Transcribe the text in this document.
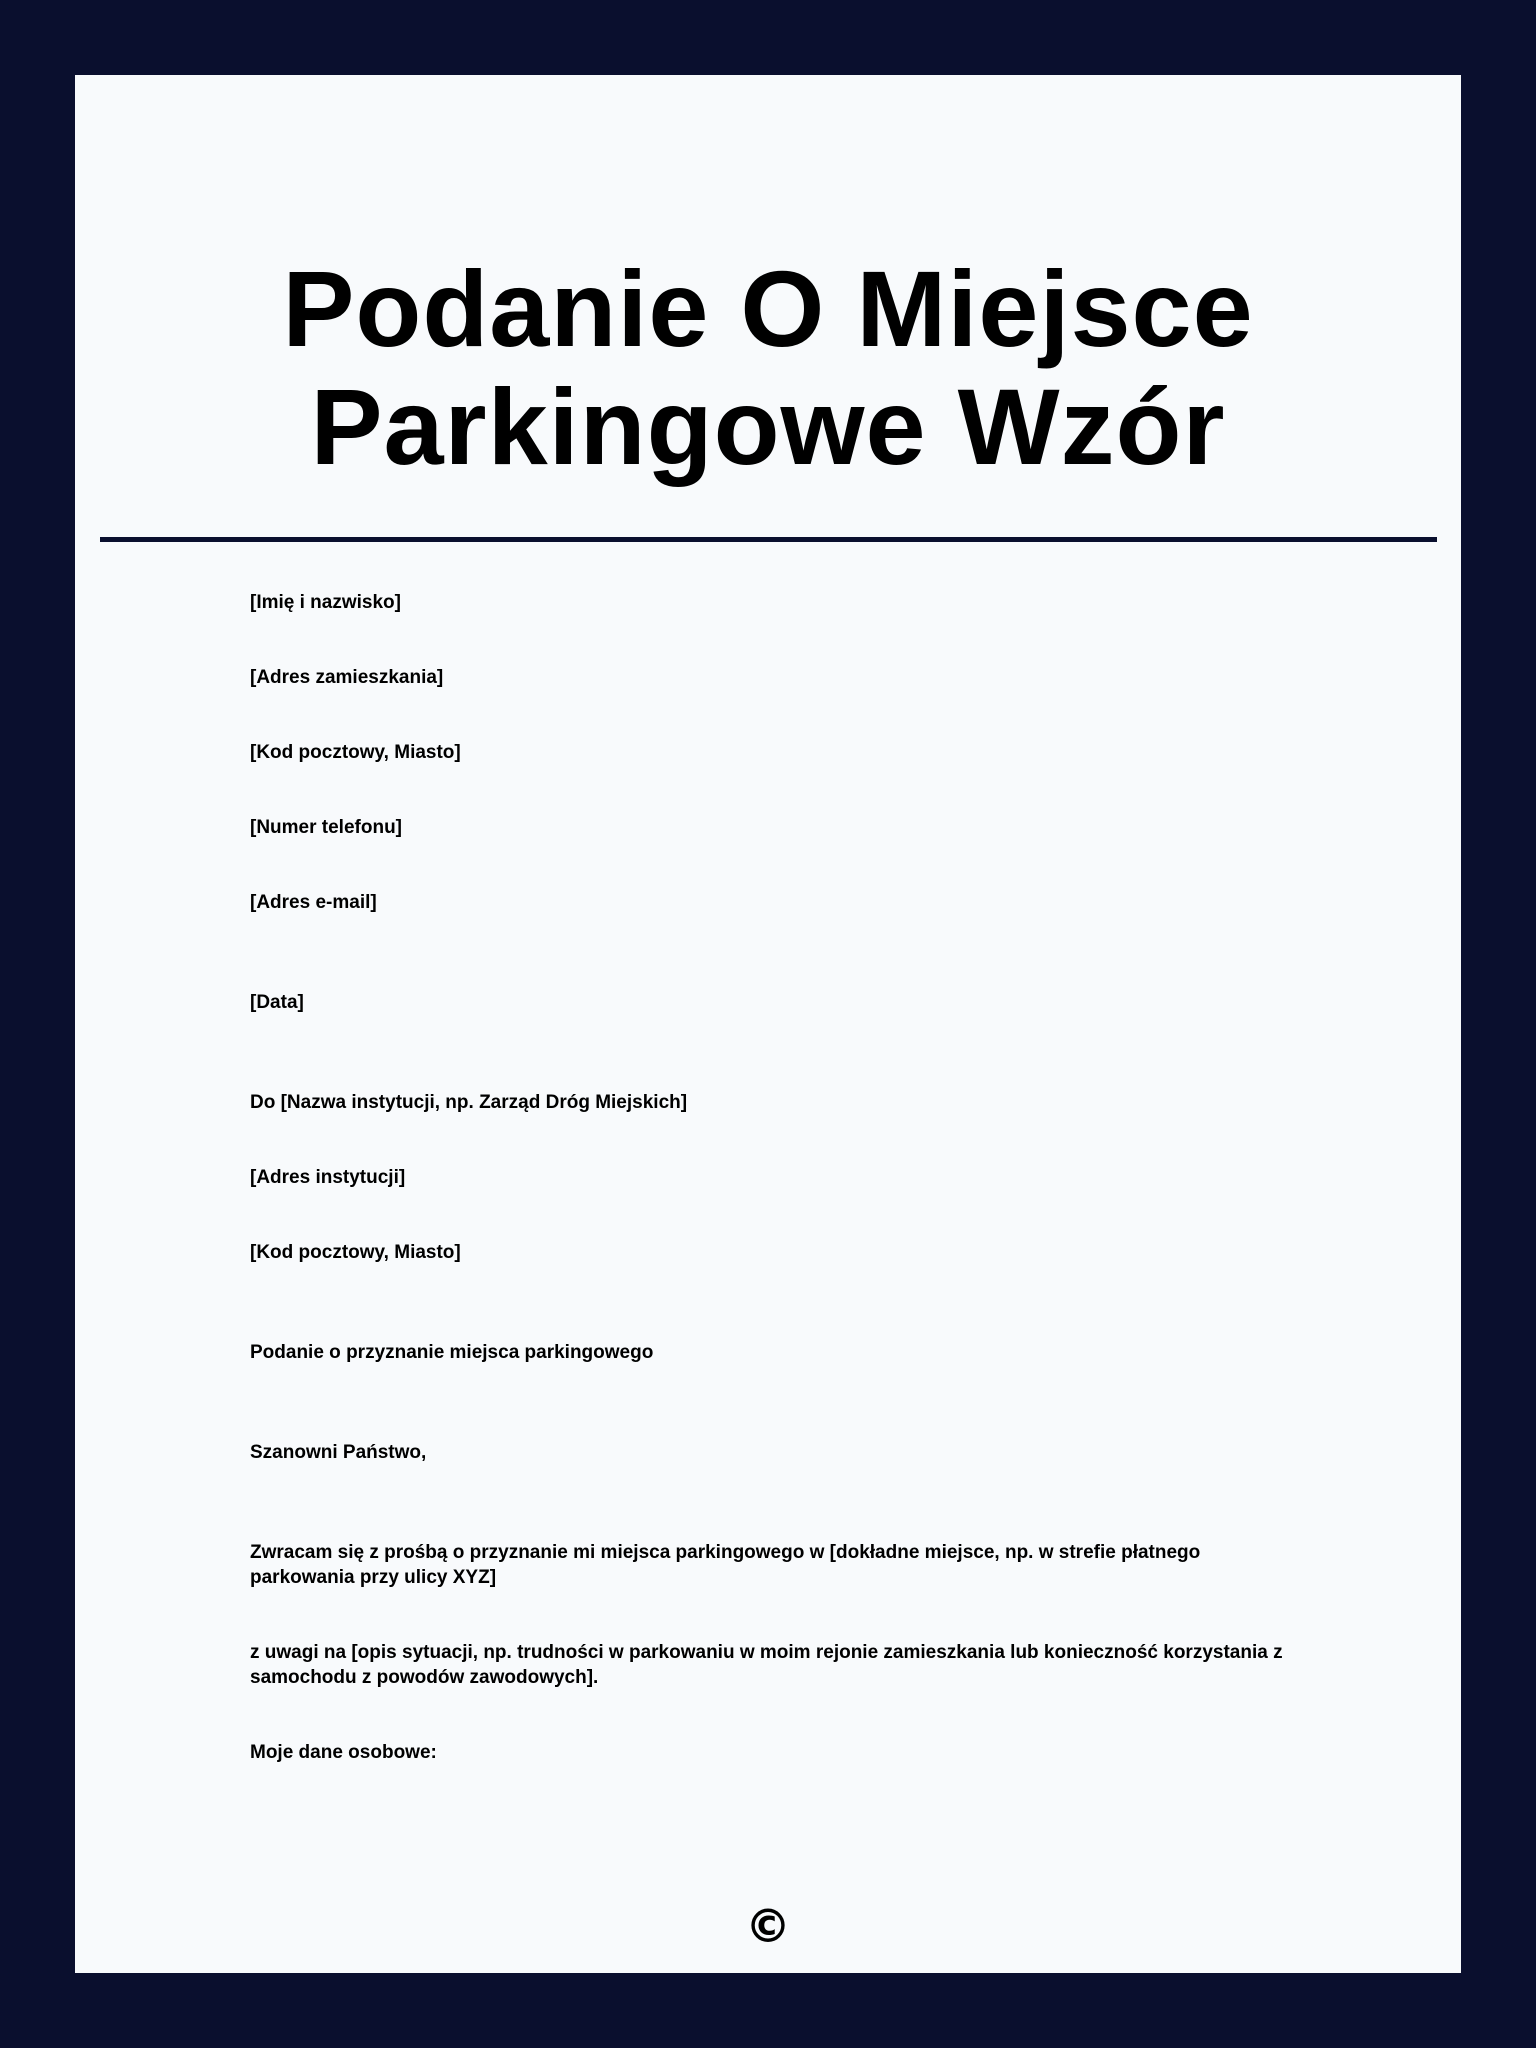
Podanie O Miejsce
Parkingowe Wzór

[Imię i nazwisko]

[Adres zamieszkania]

[Kod pocztowy, Miasto]

[Numer telefonu]

[Adres e-mail]

[Data]

Do [Nazwa instytucji, np. Zarząd Dróg Miejskich]

[Adres instytucji]

[Kod pocztowy, Miasto]

Podanie o przyznanie miejsca parkingowego

Szanowni Państwo,

Zwracam się z prośbą o przyznanie mi miejsca parkingowego w [dokładne miejsce, np. w strefie płatnego parkowania przy ulicy XYZ]

z uwagi na [opis sytuacji, np. trudności w parkowaniu w moim rejonie zamieszkania lub konieczność korzystania z samochodu z powodów zawodowych].

Moje dane osobowe:

©
